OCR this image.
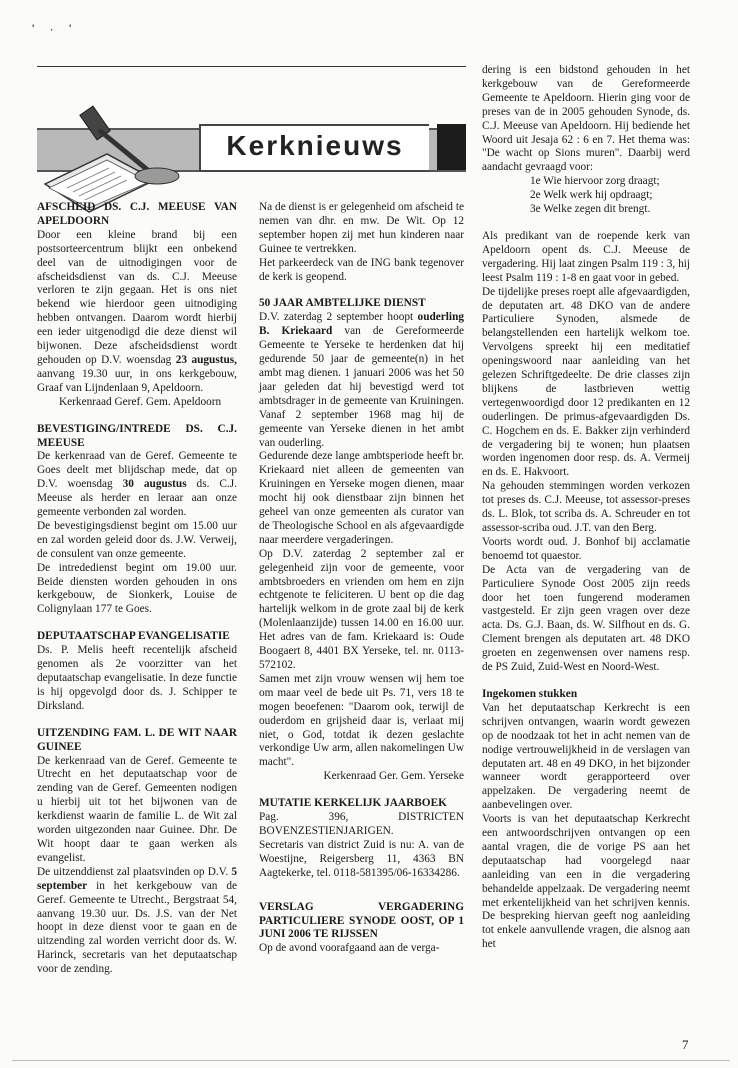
' · '
Kerknieuws
AFSCHEID DS. C.J. MEEUSE VAN APELDOORN

Door een kleine brand bij een postsorteercentrum blijkt een onbekend deel van de uitnodigingen voor de afscheidsdienst van ds. C.J. Meeuse verloren te zijn gegaan. Het is ons niet bekend wie hierdoor geen uitnodiging hebben ontvangen. Daarom wordt hierbij een ieder uitgenodigd die deze dienst wil bijwonen. Deze afscheidsdienst wordt gehouden op D.V. woensdag 23 augustus, aanvang 19.30 uur, in ons kerkgebouw, Graaf van Lijndenlaan 9, Apeldoorn.

Kerkenraad Geref. Gem. Apeldoorn

BEVESTIGING/INTREDE DS. C.J. MEEUSE

De kerkenraad van de Geref. Gemeente te Goes deelt met blijdschap mede, dat op D.V. woensdag 30 augustus ds. C.J. Meeuse als herder en leraar aan onze gemeente verbonden zal worden.

De bevestigingsdienst begint om 15.00 uur en zal worden geleid door ds. J.W. Verweij, de consulent van onze gemeente.

De intrededienst begint om 19.00 uur. Beide diensten worden gehouden in ons kerkgebouw, de Sionkerk, Louise de Colignylaan 177 te Goes.

DEPUTAATSCHAP EVANGELISATIE

Ds. P. Melis heeft recentelijk afscheid genomen als 2e voorzitter van het deputaatschap evangelisatie. In deze functie is hij opgevolgd door ds. J. Schipper te Dirksland.

UITZENDING FAM. L. DE WIT NAAR GUINEE

De kerkenraad van de Geref. Gemeente te Utrecht en het deputaatschap voor de zending van de Geref. Gemeenten nodigen u hierbij uit tot het bijwonen van de kerkdienst waarin de familie L. de Wit zal worden uitgezonden naar Guinee. Dhr. De Wit hoopt daar te gaan werken als evangelist.

De uitzenddienst zal plaatsvinden op D.V. 5 september in het kerkgebouw van de Geref. Gemeente te Utrecht., Bergstraat 54, aanvang 19.30 uur. Ds. J.S. van der Net hoopt in deze dienst voor te gaan en de uitzending zal worden verricht door ds. W. Harinck, secretaris van het deputaatschap voor de zending.

Na de dienst is er gelegenheid om afscheid te nemen van dhr. en mw. De Wit. Op 12 september hopen zij met hun kinderen naar Guinee te vertrekken.

Het parkeerdeck van de ING bank tegenover de kerk is geopend.

50 JAAR AMBTELIJKE DIENST

D.V. zaterdag 2 september hoopt ouderling B. Kriekaard van de Gereformeerde Gemeente te Yerseke te herdenken dat hij gedurende 50 jaar de gemeente(n) in het ambt mag dienen. 1 januari 2006 was het 50 jaar geleden dat hij bevestigd werd tot ambtsdrager in de gemeente van Kruiningen. Vanaf 2 september 1968 mag hij de gemeente van Yerseke dienen in het ambt van ouderling.

Gedurende deze lange ambtsperiode heeft br. Kriekaard niet alleen de gemeenten van Kruiningen en Yerseke mogen dienen, maar mocht hij ook dienstbaar zijn binnen het geheel van onze gemeenten als curator van de Theologische School en als afgevaardigde naar meerdere vergaderingen.

Op D.V. zaterdag 2 september zal er gelegenheid zijn voor de gemeente, voor ambtsbroeders en vrienden om hem en zijn echtgenote te feliciteren. U bent op die dag hartelijk welkom in de grote zaal bij de kerk (Molenlaanzijde) tussen 14.00 en 16.00 uur. Het adres van de fam. Kriekaard is: Oude Boogaert 8, 4401 BX Yerseke, tel. nr. 0113-572102.

Samen met zijn vrouw wensen wij hem toe om maar veel de bede uit Ps. 71, vers 18 te mogen beoefenen: "Daarom ook, terwijl de ouderdom en grijsheid daar is, verlaat mij niet, o God, totdat ik dezen geslachte verkondige Uw arm, allen nakomelingen Uw macht".

Kerkenraad Ger. Gem. Yerseke

MUTATIE KERKELIJK JAARBOEK

Pag. 396, DISTRICTEN BOVENZESTIENJARIGEN.

Secretaris van district Zuid is nu: A. van de Woestijne, Reigersberg 11, 4363 BN Aagtekerke, tel. 0118-581395/06-16334286.

VERSLAG VERGADERING PARTICULIERE SYNODE OOST, OP 1 JUNI 2006 TE RIJSSEN

Op de avond voorafgaand aan de verga-

dering is een bidstond gehouden in het kerkgebouw van de Gereformeerde Gemeente te Apeldoorn. Hierin ging voor de preses van de in 2005 gehouden Synode, ds. C.J. Meeuse van Apeldoorn. Hij bediende het Woord uit Jesaja 62 : 6 en 7. Het thema was: "De wacht op Sions muren". Daarbij werd aandacht gevraagd voor:

1e Wie hiervoor zorg draagt;

2e Welk werk hij opdraagt;

3e Welke zegen dit brengt.

Als predikant van de roepende kerk van Apeldoorn opent ds. C.J. Meeuse de vergadering. Hij laat zingen Psalm 119 : 3, hij leest Psalm 119 : 1-8 en gaat voor in gebed.

De tijdelijke preses roept alle afgevaardigden, de deputaten art. 48 DKO van de andere Particuliere Synoden, alsmede de belangstellenden een hartelijk welkom toe. Vervolgens spreekt hij een meditatief openingswoord naar aanleiding van het gelezen Schriftgedeelte. De drie classes zijn blijkens de lastbrieven wettig vertegenwoordigd door 12 predikanten en 12 ouderlingen. De primus-afgevaardigden Ds. C. Hogchem en ds. E. Bakker zijn verhinderd de vergadering bij te wonen; hun plaatsen worden ingenomen door resp. ds. A. Vermeij en ds. E. Hakvoort.

Na gehouden stemmingen worden verkozen tot preses ds. C.J. Meeuse, tot assessor-preses ds. L. Blok, tot scriba ds. A. Schreuder en tot assessor-scriba oud. J.T. van den Berg.

Voorts wordt oud. J. Bonhof bij acclamatie benoemd tot quaestor.

De Acta van de vergadering van de Particuliere Synode Oost 2005 zijn reeds door het toen fungerend moderamen vastgesteld. Er zijn geen vragen over deze acta. Ds. G.J. Baan, ds. W. Silfhout en ds. G. Clement brengen als deputaten art. 48 DKO groeten en zegenwensen over namens resp. de PS Zuid, Zuid-West en Noord-West.

Ingekomen stukken

Van het deputaatschap Kerkrecht is een schrijven ontvangen, waarin wordt gewezen op de noodzaak tot het in acht nemen van de nodige vertrouwelijkheid in de verslagen van deputaten art. 48 en 49 DKO, in het bijzonder wanneer wordt gerapporteerd over appelzaken. De vergadering neemt de aanbevelingen over.

Voorts is van het deputaatschap Kerkrecht een antwoordschrijven ontvangen op een aantal vragen, die de vorige PS aan het deputaatschap had voorgelegd naar aanleiding van een in die vergadering behandelde appelzaak. De vergadering neemt met erkentelijkheid van het schrijven kennis. De bespreking hiervan geeft nog aanleiding tot enkele aanvullende vragen, die alsnog aan het

7
